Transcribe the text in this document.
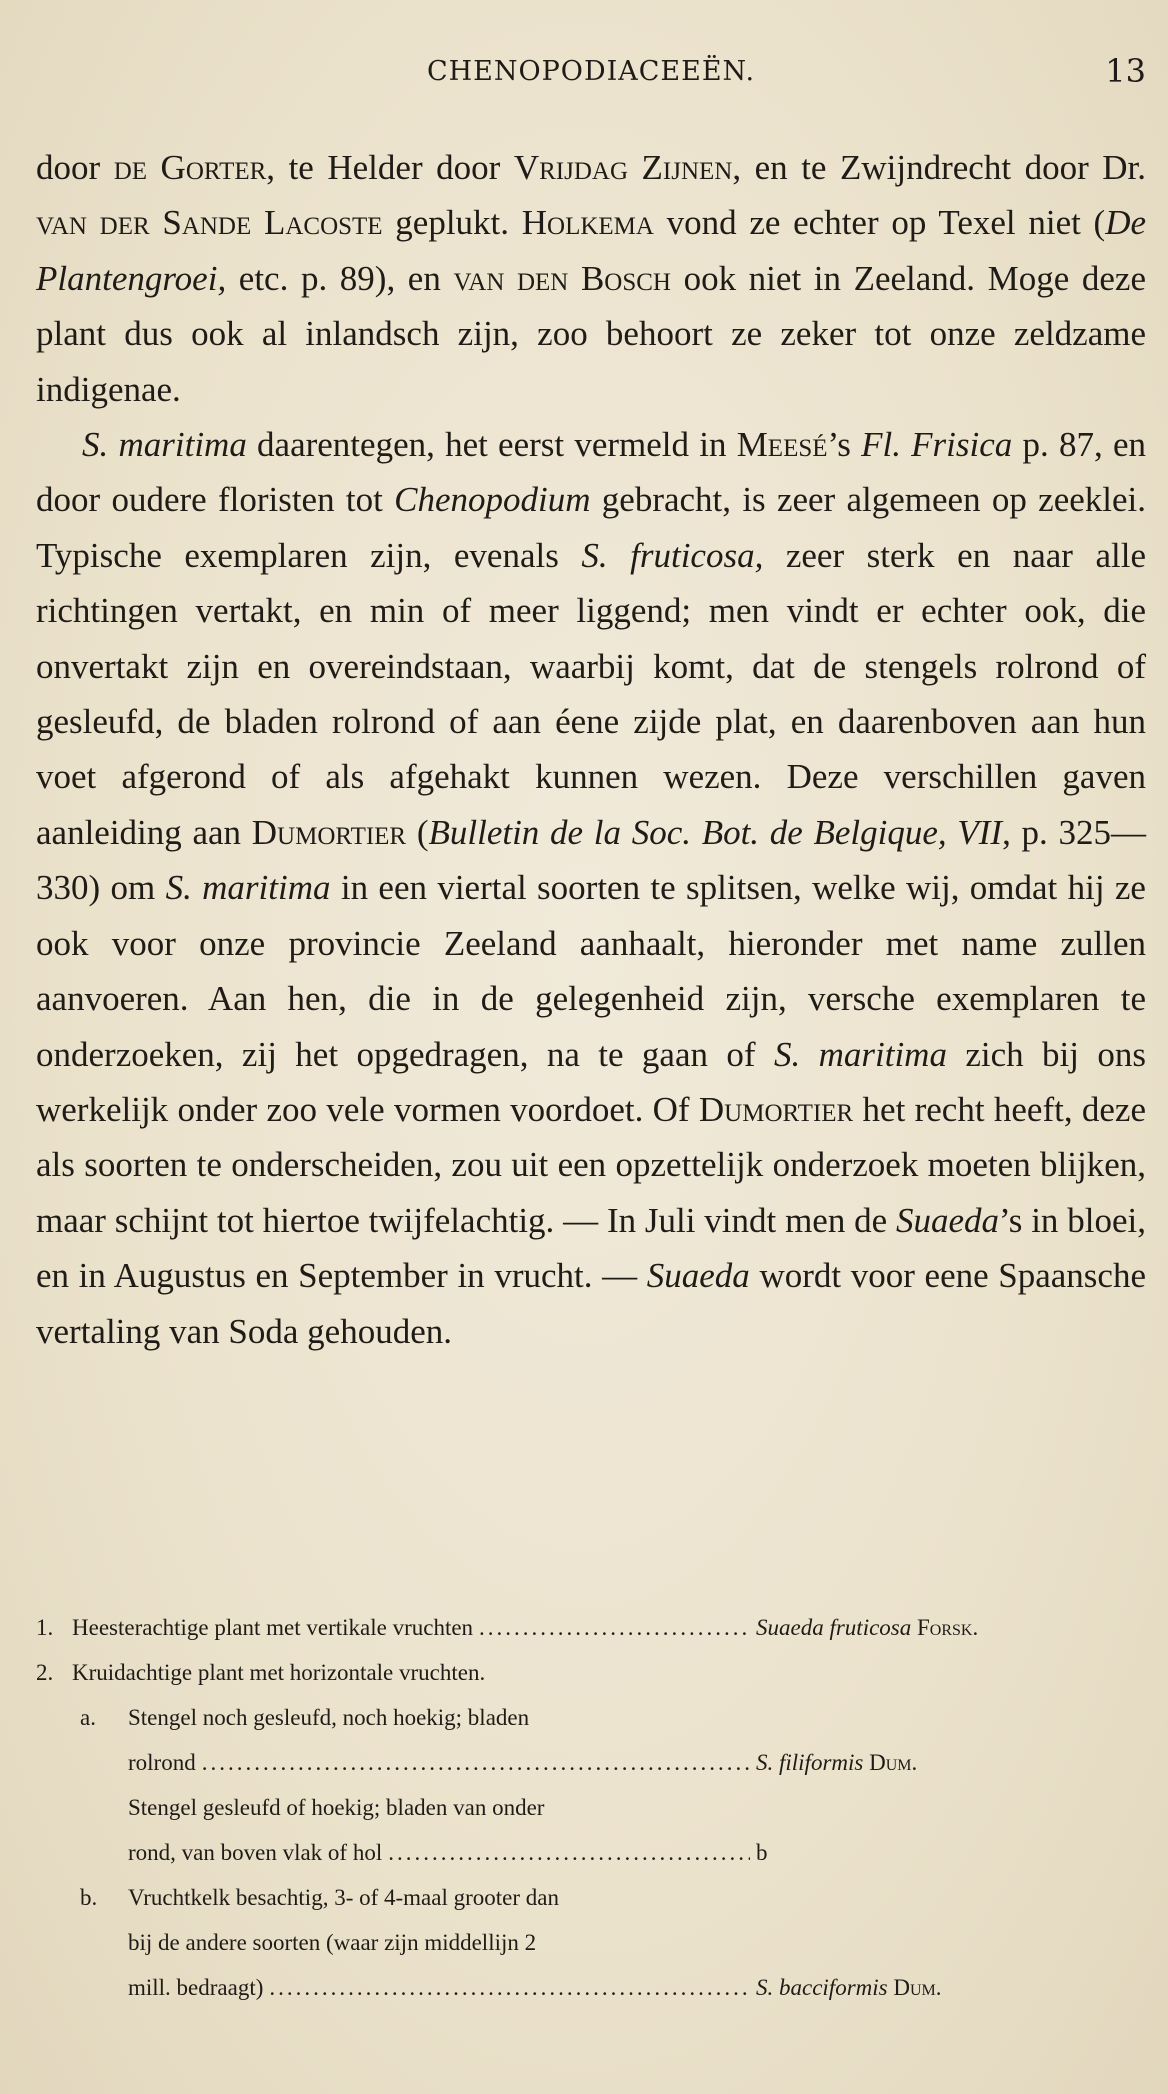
CHENOPODIACEEËN.	13

door de Gorter, te Helder door Vrijdag Zijnen, en te Zwijndrecht door Dr. van der Sande Lacoste geplukt. Holkema vond ze echter op Texel niet (De Plantengroei, etc. p. 89), en van den Bosch ook niet in Zeeland. Moge deze plant dus ook al inlandsch zijn, zoo behoort ze zeker tot onze zeldzame indigenae.

S. maritima daarentegen, het eerst vermeld in Meesé’s Fl. Frisica p. 87, en door oudere floristen tot Chenopodium gebracht, is zeer algemeen op zeeklei. Typische exemplaren zijn, evenals S. fruticosa, zeer sterk en naar alle richtingen vertakt, en min of meer liggend; men vindt er echter ook, die onvertakt zijn en overeindstaan, waarbij komt, dat de stengels rolrond of gesleufd, de bladen rolrond of aan éene zijde plat, en daarenboven aan hun voet afgerond of als afgehakt kunnen wezen. Deze verschillen gaven aanleiding aan Dumortier (Bulletin de la Soc. Bot. de Belgique, VII, p. 325—330) om S. maritima in een viertal soorten te splitsen, welke wij, omdat hij ze ook voor onze provincie Zeeland aanhaalt, hieronder met name zullen aanvoeren. Aan hen, die in de gelegenheid zijn, versche exemplaren te onderzoeken, zij het opgedragen, na te gaan of S. maritima zich bij ons werkelijk onder zoo vele vormen voordoet. Of Dumortier het recht heeft, deze als soorten te onderscheiden, zou uit een opzettelijk onderzoek moeten blijken, maar schijnt tot hiertoe twijfelachtig. — In Juli vindt men de Suaeda’s in bloei, en in Augustus en September in vrucht. — Suaeda wordt voor eene Spaansche vertaling van Soda gehouden.

1. Heesterachtige plant met vertikale vruchten .....	Suaeda fruticosa Forsk.
2. Kruidachtige plant met horizontale vruchten.
a.	Stengel noch gesleufd, noch hoekig; bladen
rolrond .....	S. filiformis Dum.
Stengel gesleufd of hoekig; bladen van onder
rond, van boven vlak of hol .....	b
b.	Vruchtkelk besachtig, 3- of 4-maal grooter dan
bij de andere soorten (waar zijn middellijn 2
mill. bedraagt) .....	S. bacciformis Dum.
